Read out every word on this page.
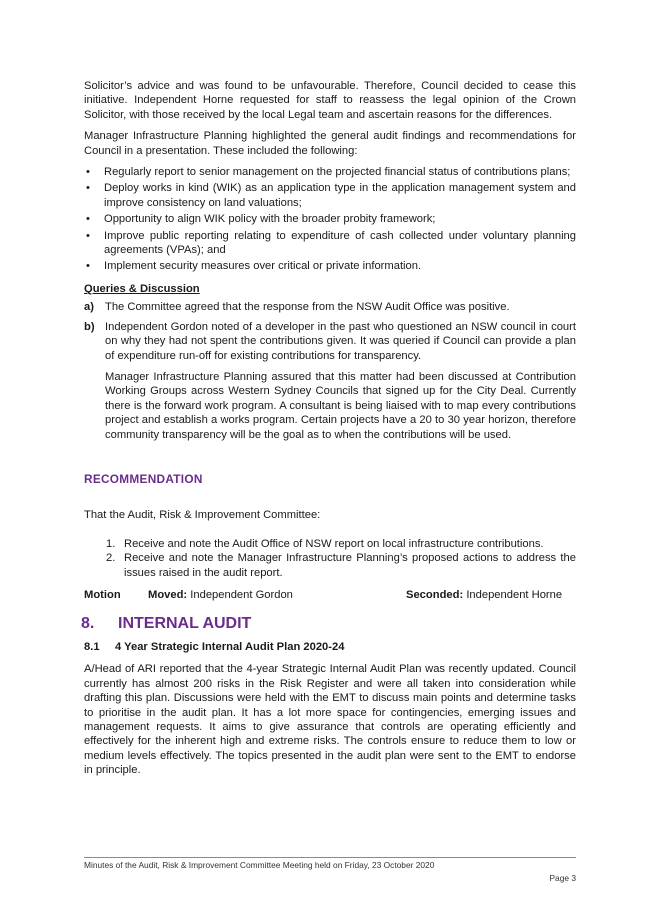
Solicitor’s advice and was found to be unfavourable. Therefore, Council decided to cease this initiative. Independent Horne requested for staff to reassess the legal opinion of the Crown Solicitor, with those received by the local Legal team and ascertain reasons for the differences.

Manager Infrastructure Planning highlighted the general audit findings and recommendations for Council in a presentation. These included the following:

• Regularly report to senior management on the projected financial status of contributions plans;
• Deploy works in kind (WIK) as an application type in the application management system and improve consistency on land valuations;
• Opportunity to align WIK policy with the broader probity framework;
• Improve public reporting relating to expenditure of cash collected under voluntary planning agreements (VPAs); and
• Implement security measures over critical or private information.
Queries & Discussion
a) The Committee agreed that the response from the NSW Audit Office was positive.

b) Independent Gordon noted of a developer in the past who questioned an NSW council in court on why they had not spent the contributions given. It was queried if Council can provide a plan of expenditure run-off for existing contributions for transparency.

Manager Infrastructure Planning assured that this matter had been discussed at Contribution Working Groups across Western Sydney Councils that signed up for the City Deal. Currently there is the forward work program. A consultant is being liaised with to map every contributions project and establish a works program. Certain projects have a 20 to 30 year horizon, therefore community transparency will be the goal as to when the contributions will be used.

RECOMMENDATION

That the Audit, Risk & Improvement Committee:

1. Receive and note the Audit Office of NSW report on local infrastructure contributions.
2. Receive and note the Manager Infrastructure Planning’s proposed actions to address the issues raised in the audit report.
Motion Moved: Independent Gordon	Seconded: Independent Horne
8. INTERNAL AUDIT
8.1 4 Year Strategic Internal Audit Plan 2020-24

A/Head of ARI reported that the 4-year Strategic Internal Audit Plan was recently updated. Council currently has almost 200 risks in the Risk Register and were all taken into consideration while drafting this plan. Discussions were held with the EMT to discuss main points and determine tasks to prioritise in the audit plan. It has a lot more space for contingencies, emerging issues and management requests. It aims to give assurance that controls are operating efficiently and effectively for the inherent high and extreme risks. The controls ensure to reduce them to low or medium levels effectively. The topics presented in the audit plan were sent to the EMT to endorse in principle.

Minutes of the Audit, Risk & Improvement Committee Meeting held on Friday, 23 October 2020
Page 3
